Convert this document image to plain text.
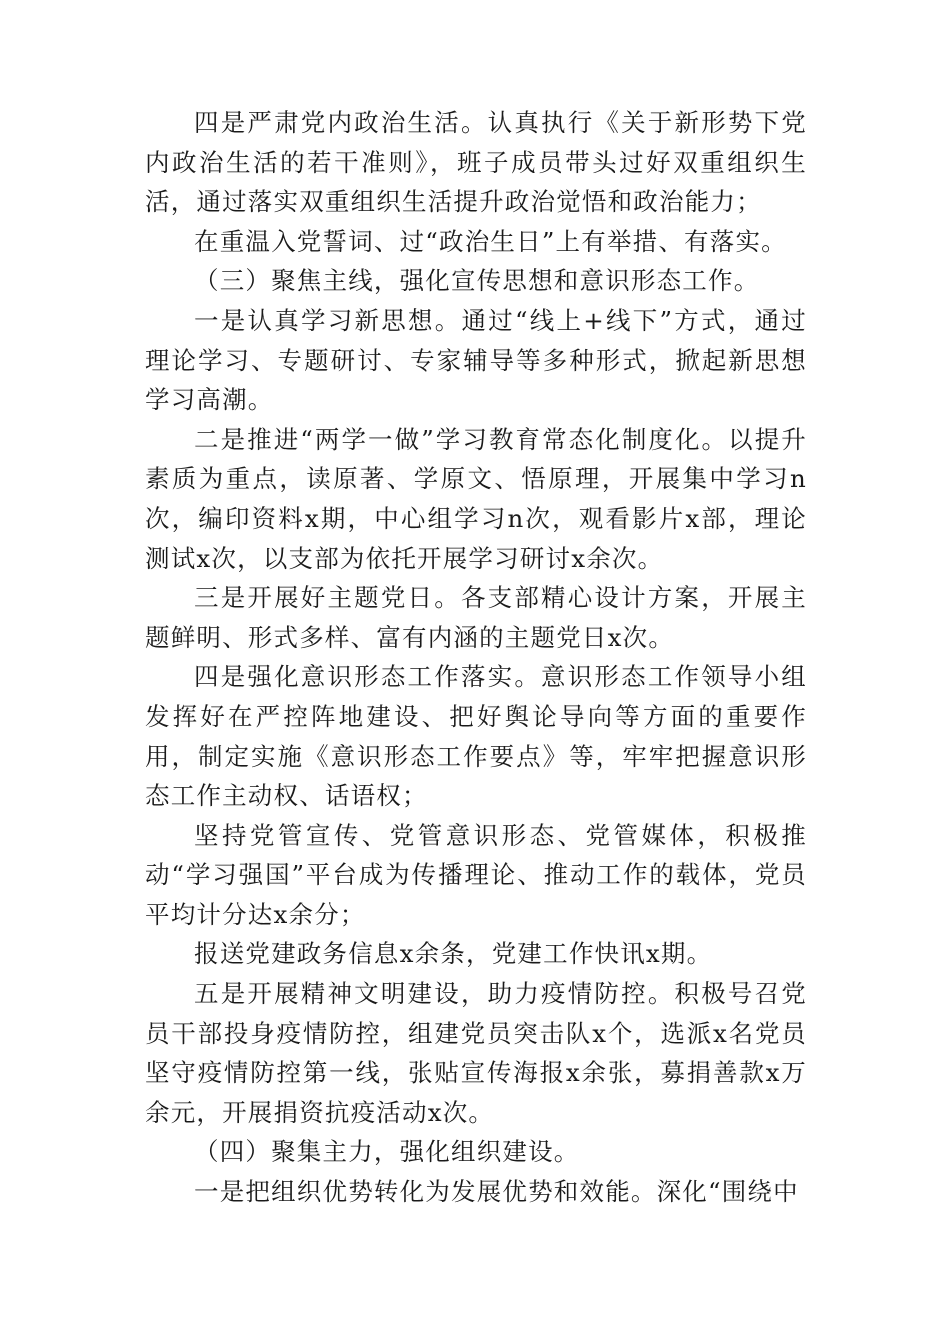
四是严肃党内政治生活。认真执行《关于新形势下党内政治生活的若干准则》，班子成员带头过好双重组织生活，通过落实双重组织生活提升政治觉悟和政治能力；

在重温入党誓词、过“政治生日”上有举措、有落实。

（三）聚焦主线，强化宣传思想和意识形态工作。

一是认真学习新思想。通过“线上+线下”方式，通过理论学习、专题研讨、专家辅导等多种形式，掀起新思想学习高潮。

二是推进“两学一做”学习教育常态化制度化。以提升素质为重点，读原著、学原文、悟原理，开展集中学习n次，编印资料x期，中心组学习n次，观看影片x部，理论测试x次，以支部为依托开展学习研讨x余次。

三是开展好主题党日。各支部精心设计方案，开展主题鲜明、形式多样、富有内涵的主题党日x次。

四是强化意识形态工作落实。意识形态工作领导小组发挥好在严控阵地建设、把好舆论导向等方面的重要作用，制定实施《意识形态工作要点》等，牢牢把握意识形态工作主动权、话语权；

坚持党管宣传、党管意识形态、党管媒体，积极推动“学习强国”平台成为传播理论、推动工作的载体，党员平均计分达x余分；

报送党建政务信息x余条，党建工作快讯x期。

五是开展精神文明建设，助力疫情防控。积极号召党员干部投身疫情防控，组建党员突击队x个，选派x名党员坚守疫情防控第一线，张贴宣传海报x余张，募捐善款x万余元，开展捐资抗疫活动x次。

（四）聚集主力，强化组织建设。

一是把组织优势转化为发展优势和效能。深化“围绕中
